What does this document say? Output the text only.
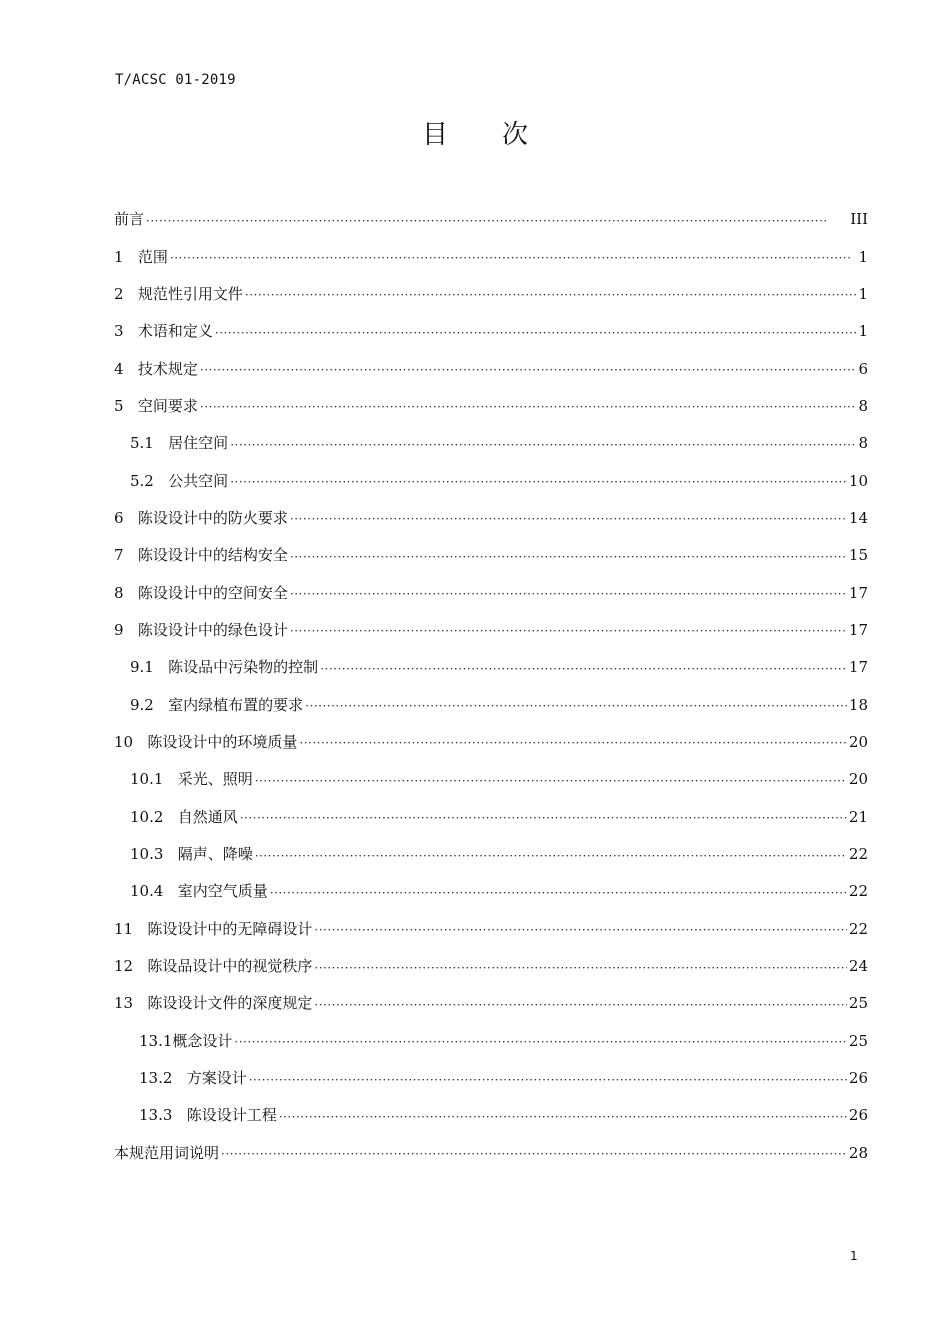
T/ACSC 01-2019
目次
前言 ·····	III
1 范围 ·····	1
2 规范性引用文件 ·····	1
3 术语和定义 ·····	1
4 技术规定 ·····	6
5 空间要求 ·····	8
5.1 居住空间 ·····	8
5.2 公共空间 ·····	10
6 陈设设计中的防火要求 ·····	14
7 陈设设计中的结构安全 ·····	15
8 陈设设计中的空间安全 ·····	17
9 陈设设计中的绿色设计 ·····	17
9.1 陈设品中污染物的控制 ·····	17
9.2 室内绿植布置的要求 ·····	18
10 陈设设计中的环境质量 ·····	20
10.1 采光、照明 ·····	20
10.2 自然通风 ·····	21
10.3 隔声、降噪 ·····	22
10.4 室内空气质量 ·····	22
11 陈设设计中的无障碍设计 ·····	22
12 陈设品设计中的视觉秩序 ·····	24
13 陈设设计文件的深度规定 ·····	25
13.1 概念设计 ·····	25
13.2 方案设计 ·····	26
13.3 陈设设计工程 ·····	26
本规范用词说明 ·····	28
1
